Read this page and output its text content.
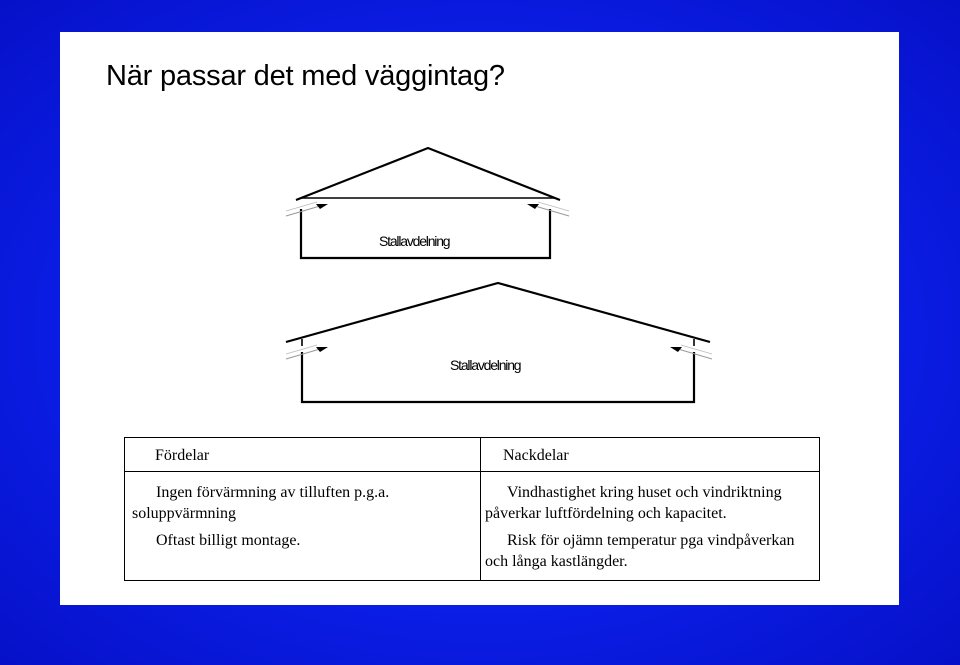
När passar det med väggintag?
Stallavdelning
Stallavdelning
Fördelar

Ingen förvärmning av tilluften p.g.a. soluppvärmning

Oftast billigt montage.

Nackdelar

Vindhastighet kring huset och vindriktning påverkar luftfördelning och kapacitet.

Risk för ojämn temperatur pga vindpåverkan och långa kastlängder.
